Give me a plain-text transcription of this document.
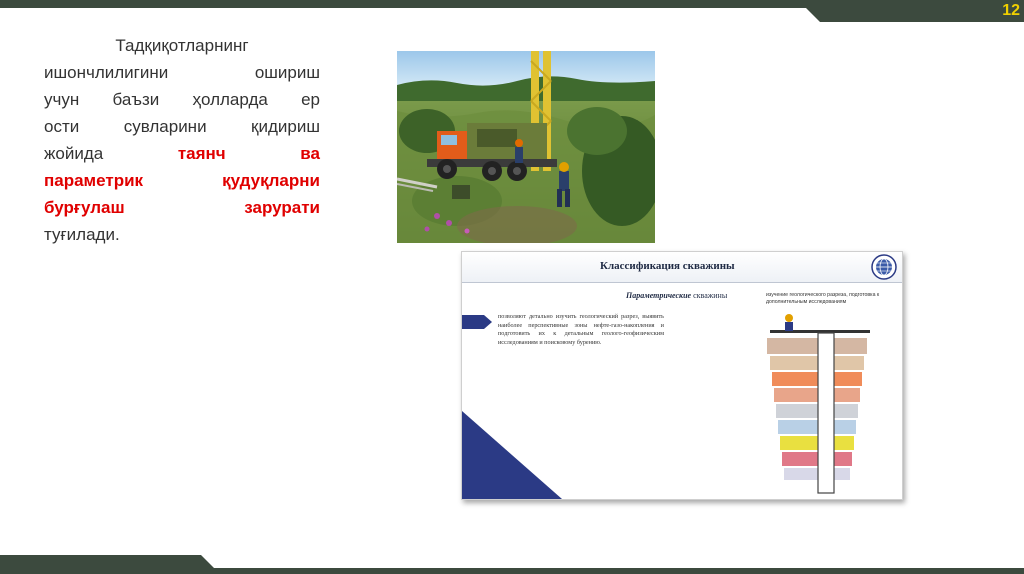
12
Тадқиқотларнинг
ишончлилигини ошириш
учун баъзи ҳолларда ер
ости сувларини қидириш
жойида	таянч ва
параметрик қудуқларни
бурғулаш зарурати
туғилади.
Классификация скважины
Параметрические скважины
позволяют детально изучить геологический разрез, выявить наиболее перспективные зоны нефте-газо-накопления и подготовить их к детальным геолого-геофизическим исследованиям и поисковому бурению.
изучение геологического разреза, подготовка к дополнительным исследованиям
